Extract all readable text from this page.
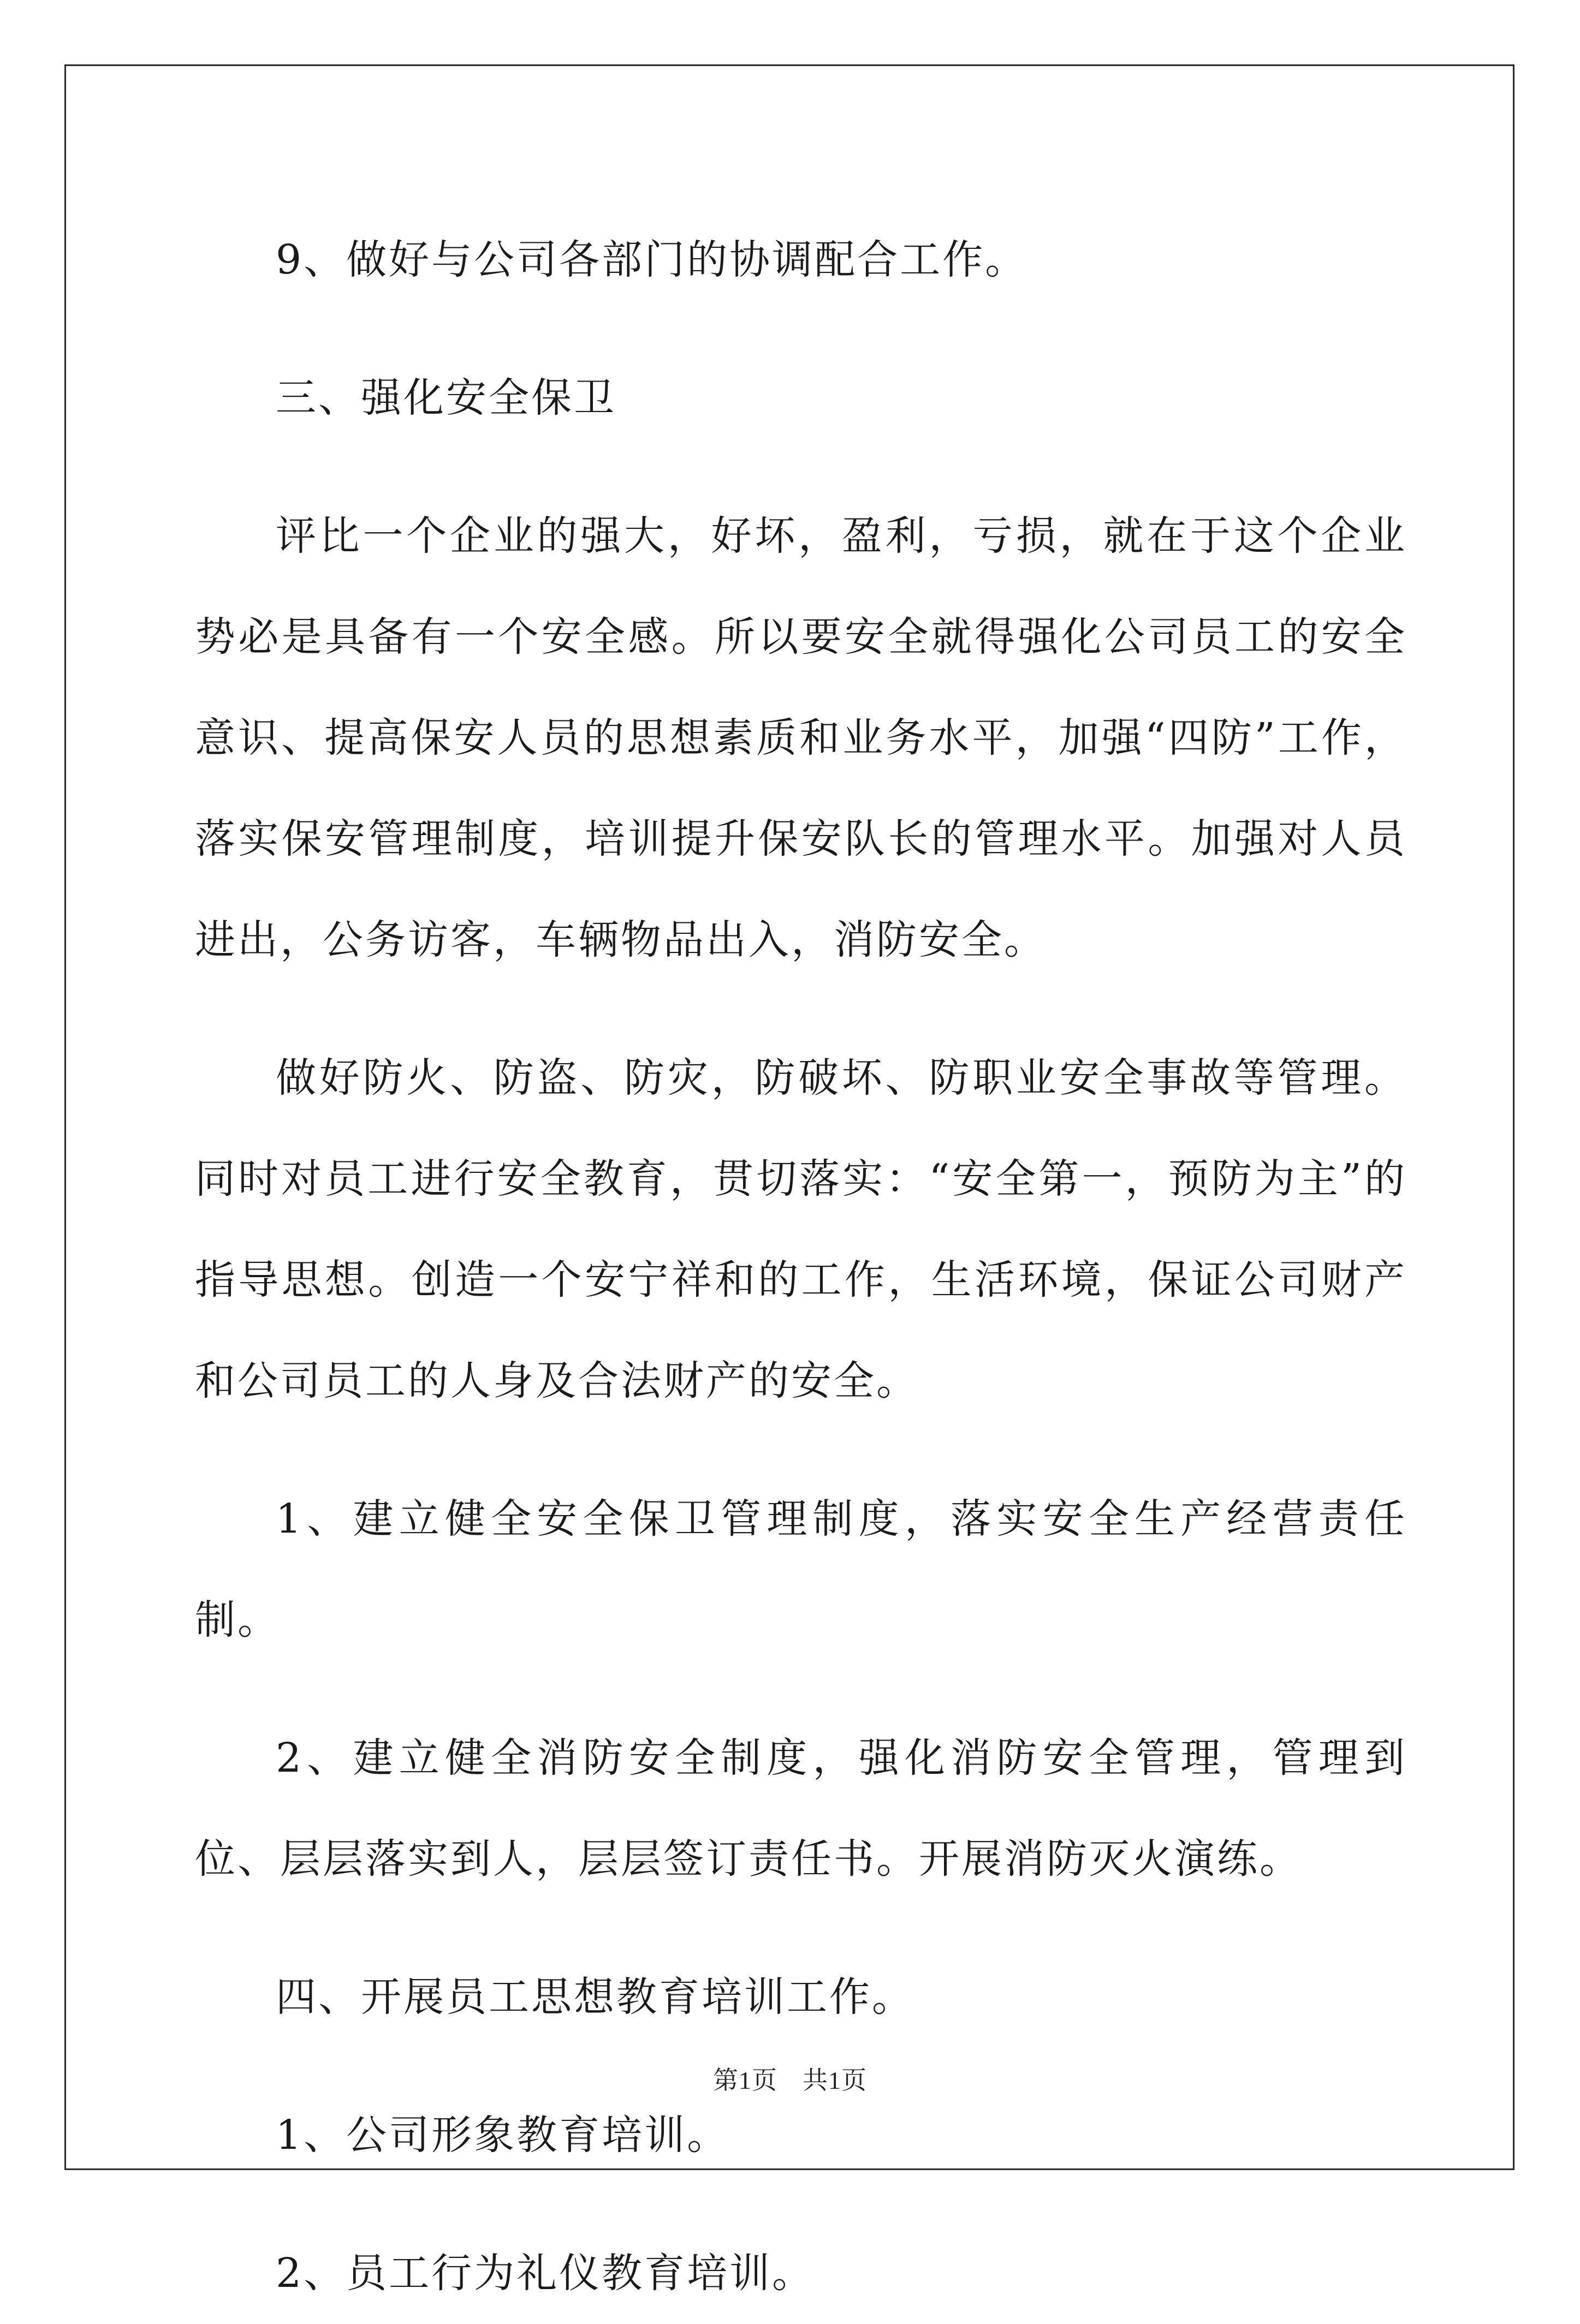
9、做好与公司各部门的协调配合工作。

三、强化安全保卫

评比一个企业的强大，好坏，盈利，亏损，就在于这个企业势必是具备有一个安全感。所以要安全就得强化公司员工的安全意识、提高保安人员的思想素质和业务水平，加强“四防”工作，落实保安管理制度，培训提升保安队长的管理水平。加强对人员进出，公务访客，车辆物品出入，消防安全。

做好防火、防盗、防灾，防破坏、防职业安全事故等管理。同时对员工进行安全教育，贯切落实：“安全第一，预防为主”的指导思想。创造一个安宁祥和的工作，生活环境，保证公司财产和公司员工的人身及合法财产的安全。

1、建立健全安全保卫管理制度，落实安全生产经营责任制。

2、建立健全消防安全制度，强化消防安全管理，管理到位、层层落实到人，层层签订责任书。开展消防灭火演练。

四、开展员工思想教育培训工作。

1、公司形象教育培训。

2、员工行为礼仪教育培训。

第1页 共1页
